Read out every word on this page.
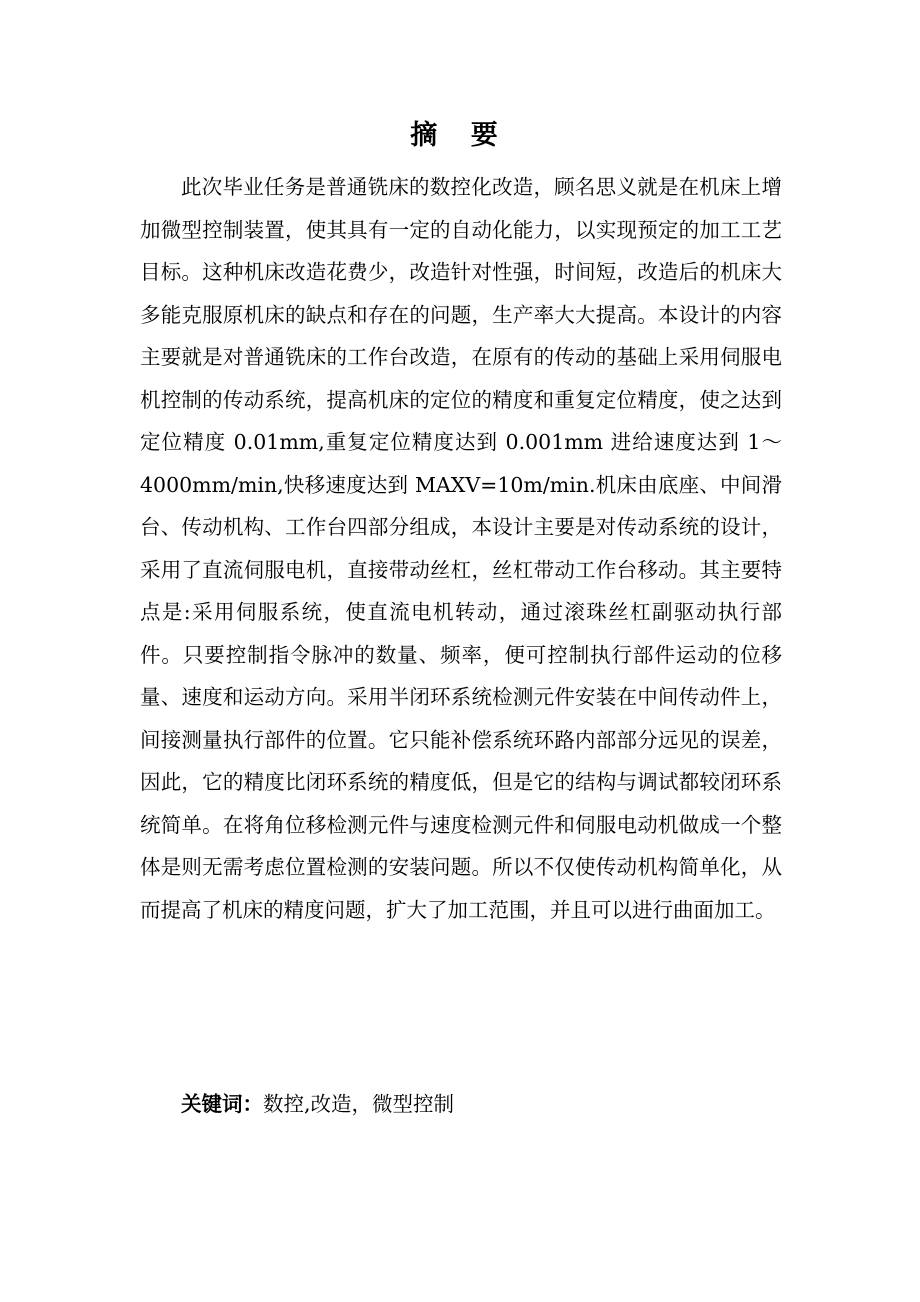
摘 要

此次毕业任务是普通铣床的数控化改造，顾名思义就是在机床上增加微型控制装置，使其具有一定的自动化能力，以实现预定的加工工艺目标。这种机床改造花费少，改造针对性强，时间短，改造后的机床大多能克服原机床的缺点和存在的问题，生产率大大提高。本设计的内容主要就是对普通铣床的工作台改造，在原有的传动的基础上采用伺服电机控制的传动系统，提高机床的定位的精度和重复定位精度，使之达到定位精度 0.01mm,重复定位精度达到 0.001mm 进给速度达到 1～4000mm/min,快移速度达到 MAXV=10m/min.机床由底座、中间滑台、传动机构、工作台四部分组成，本设计主要是对传动系统的设计，采用了直流伺服电机，直接带动丝杠，丝杠带动工作台移动。其主要特点是:采用伺服系统，使直流电机转动，通过滚珠丝杠副驱动执行部件。只要控制指令脉冲的数量、频率，便可控制执行部件运动的位移量、速度和运动方向。采用半闭环系统检测元件安装在中间传动件上，间接测量执行部件的位置。它只能补偿系统环路内部部分远见的误差，因此，它的精度比闭环系统的精度低，但是它的结构与调试都较闭环系统简单。在将角位移检测元件与速度检测元件和伺服电动机做成一个整体是则无需考虑位置检测的安装问题。所以不仅使传动机构简单化，从而提高了机床的精度问题，扩大了加工范围，并且可以进行曲面加工。

关键词：数控,改造，微型控制
